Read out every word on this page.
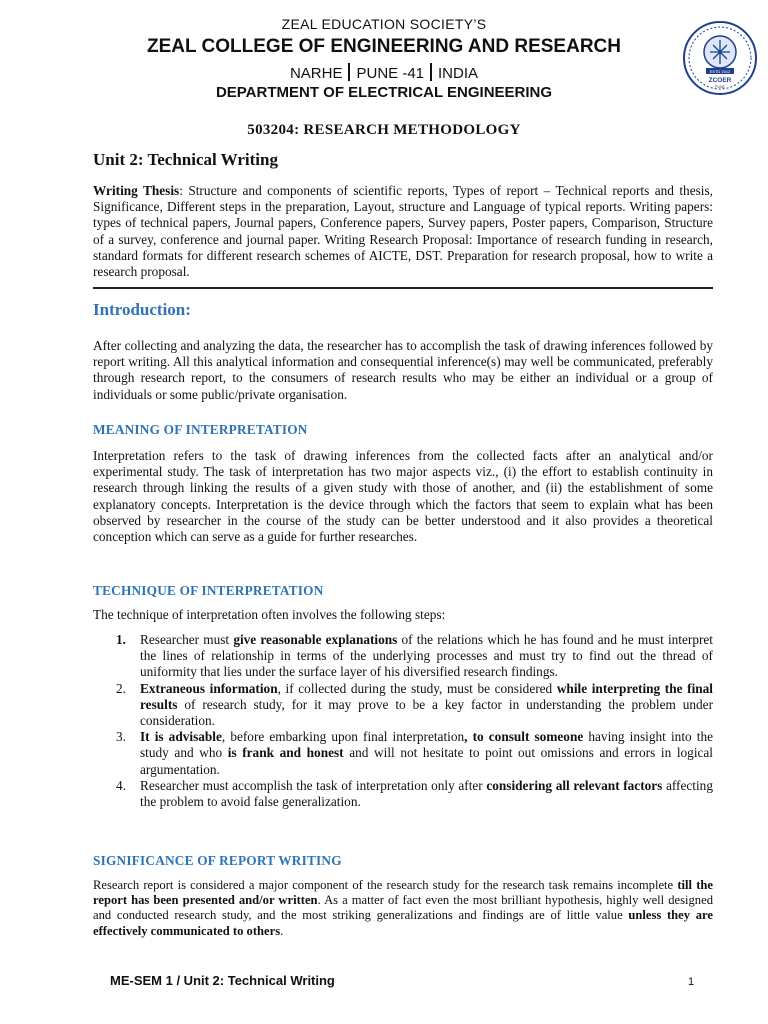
ZEAL EDUCATION SOCIETY’S
ZEAL COLLEGE OF ENGINEERING AND RESEARCH
NARHE PUNE -41 INDIA
DEPARTMENT OF ELECTRICAL ENGINEERING
ESTD 2012
ZCOER
PUNE
503204: RESEARCH METHODOLOGY
Unit 2: Technical Writing

Writing Thesis: Structure and components of scientific reports, Types of report – Technical reports and thesis, Significance, Different steps in the preparation, Layout, structure and Language of typical reports. Writing papers: types of technical papers, Journal papers, Conference papers, Survey papers, Poster papers, Comparison, Structure of a survey, conference and journal paper. Writing Research Proposal: Importance of research funding in research, standard formats for different research schemes of AICTE, DST. Preparation for research proposal, how to write a research proposal.

Introduction:

After collecting and analyzing the data, the researcher has to accomplish the task of drawing inferences followed by report writing. All this analytical information and consequential inference(s) may well be communicated, preferably through research report, to the consumers of research results who may be either an individual or a group of individuals or some public/private organisation.

MEANING OF INTERPRETATION

Interpretation refers to the task of drawing inferences from the collected facts after an analytical and/or experimental study. The task of interpretation has two major aspects viz., (i) the effort to establish continuity in research through linking the results of a given study with those of another, and (ii) the establishment of some explanatory concepts. Interpretation is the device through which the factors that seem to explain what has been observed by researcher in the course of the study can be better understood and it also provides a theoretical conception which can serve as a guide for further researches.

TECHNIQUE OF INTERPRETATION

The technique of interpretation often involves the following steps:

1. Researcher must give reasonable explanations of the relations which he has found and he must interpret the lines of relationship in terms of the underlying processes and must try to find out the thread of uniformity that lies under the surface layer of his diversified research findings.
2. Extraneous information, if collected during the study, must be considered while interpreting the final results of research study, for it may prove to be a key factor in understanding the problem under consideration.
3. It is advisable, before embarking upon final interpretation, to consult someone having insight into the study and who is frank and honest and will not hesitate to point out omissions and errors in logical argumentation.
4. Researcher must accomplish the task of interpretation only after considering all relevant factors affecting the problem to avoid false generalization.
SIGNIFICANCE OF REPORT WRITING

Research report is considered a major component of the research study for the research task remains incomplete till the report has been presented and/or written. As a matter of fact even the most brilliant hypothesis, highly well designed and conducted research study, and the most striking generalizations and findings are of little value unless they are effectively communicated to others.

ME-SEM 1 / Unit 2: Technical Writing	1
